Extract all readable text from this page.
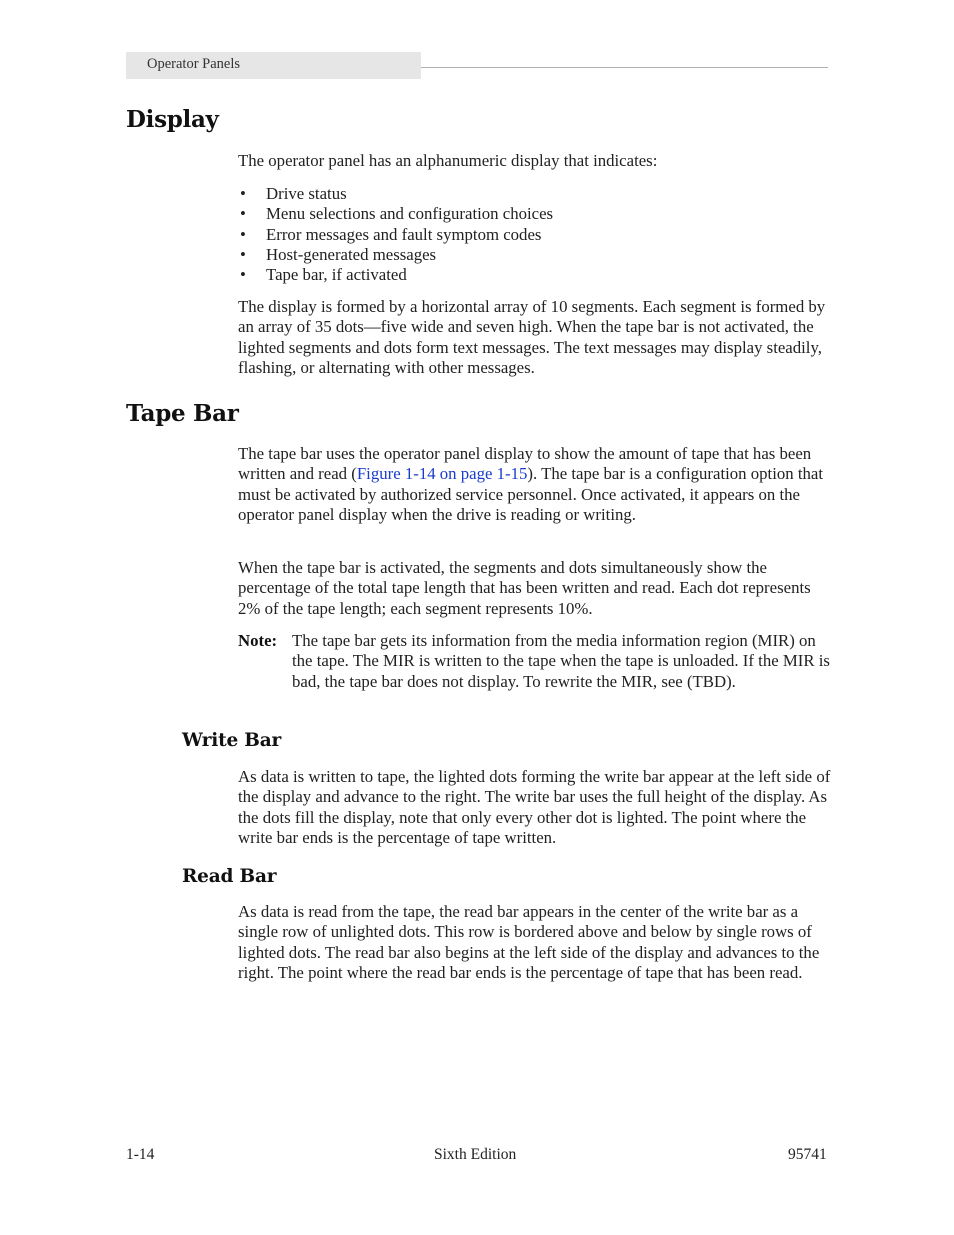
Operator Panels
Display

The operator panel has an alphanumeric display that indicates:

• Drive status
• Menu selections and configuration choices
• Error messages and fault symptom codes
• Host-generated messages
• Tape bar, if activated

The display is formed by a horizontal array of 10 segments. Each segment is formed by an array of 35 dots—five wide and seven high. When the tape bar is not activated, the lighted segments and dots form text messages. The text messages may display steadily, flashing, or alternating with other messages.

Tape Bar

The tape bar uses the operator panel display to show the amount of tape that has been written and read (Figure 1-14 on page 1-15). The tape bar is a configuration option that must be activated by authorized service personnel. Once activated, it appears on the operator panel display when the drive is reading or writing.

When the tape bar is activated, the segments and dots simultaneously show the percentage of the total tape length that has been written and read. Each dot represents 2% of the tape length; each segment represents 10%.

Note: The tape bar gets its information from the media information region (MIR) on the tape. The MIR is written to the tape when the tape is unloaded. If the MIR is bad, the tape bar does not display. To rewrite the MIR, see (TBD).

Write Bar

As data is written to tape, the lighted dots forming the write bar appear at the left side of the display and advance to the right. The write bar uses the full height of the display. As the dots fill the display, note that only every other dot is lighted. The point where the write bar ends is the percentage of tape written.

Read Bar

As data is read from the tape, the read bar appears in the center of the write bar as a single row of unlighted dots. This row is bordered above and below by single rows of lighted dots. The read bar also begins at the left side of the display and advances to the right. The point where the read bar ends is the percentage of tape that has been read.

1-14	Sixth Edition	95741
